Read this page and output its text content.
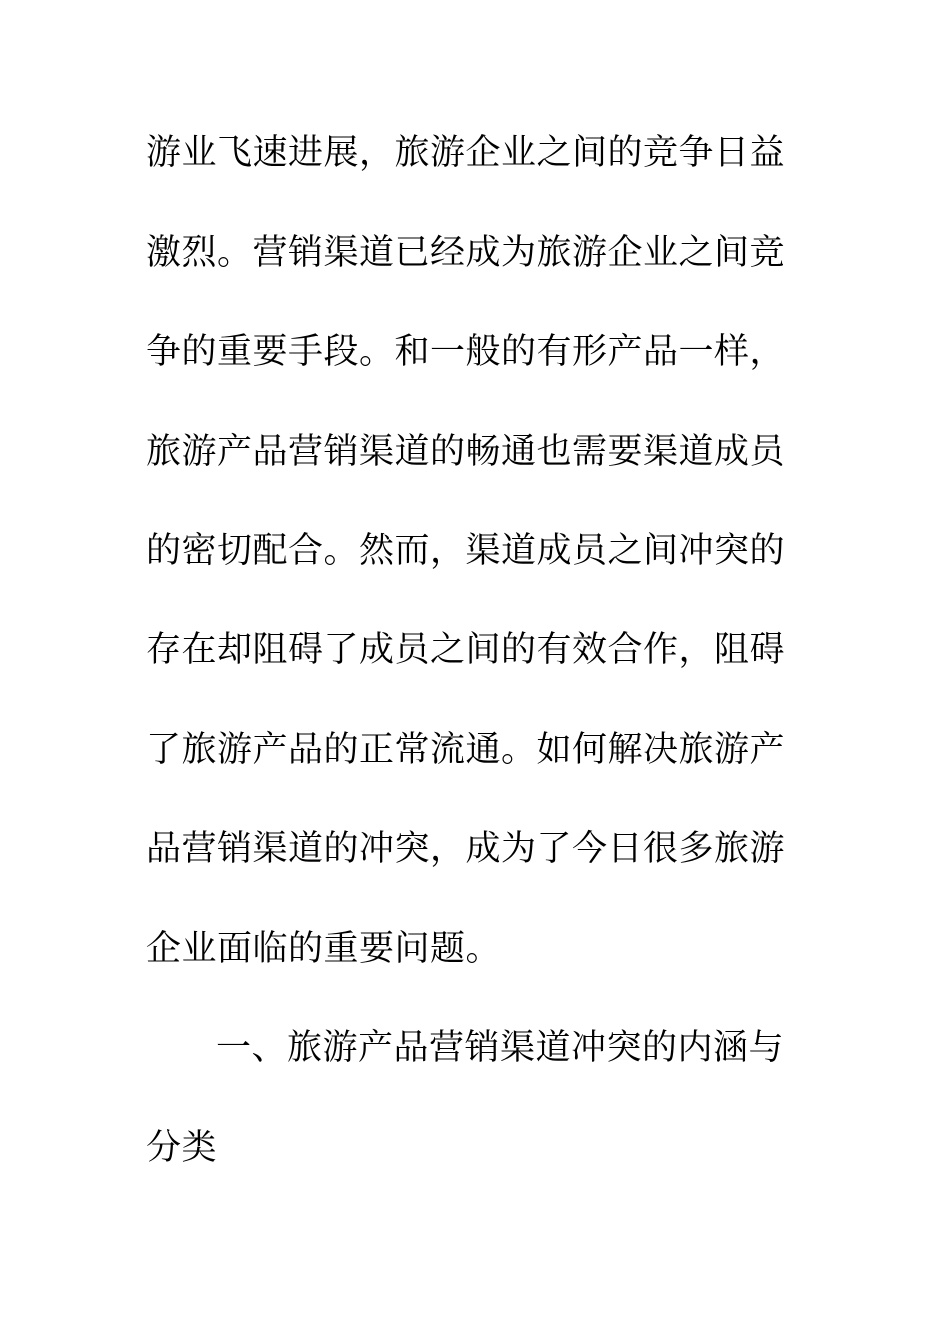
游业飞速进展，旅游企业之间的竞争日益
激烈。营销渠道已经成为旅游企业之间竞
争的重要手段。和一般的有形产品一样，
旅游产品营销渠道的畅通也需要渠道成员
的密切配合。然而，渠道成员之间冲突的
存在却阻碍了成员之间的有效合作，阻碍
了旅游产品的正常流通。如何解决旅游产
品营销渠道的冲突，成为了今日很多旅游
企业面临的重要问题。
一、旅游产品营销渠道冲突的内涵与
分类
